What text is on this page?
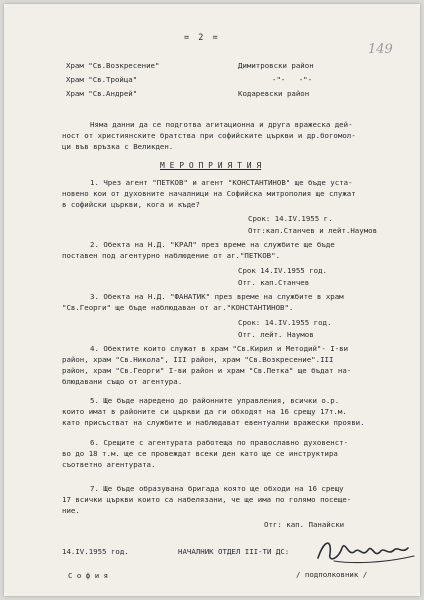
= 2 =
149
Храм "Св.Возкресение"	Димитровски район
Храм "Св.Тройца"	-"-   -"-
Храм "Св.Андрей"	Кодаревски район
Няма данни да се подготва агитационна и друга вражеска дей-
ност от християнските братства при софийските църкви и др.богомол-
ци във връзка с Великден.
М Е Р О П Р И Я Т И Я
1. Чрез агент "ПЕТКОВ" и агент "КОНСТАНТИНОВ" ще бъде уста-
новено кои от духовните началници на Софийска митрополия ще служат
в софийски църкви, кога и къде?
Срок: 14.IV.1955 г.
Отг:кап.Станчев и лейт.Наумов
2. Обекта на Н.Д. "КРАЛ" през време на службите ще бъде
поставен под агентурно наблюдение от аг."ПЕТКОВ".
Срок 14.IV.1955 год.
Отг. кап.Станчев
3. Обекта на Н.Д. "ФАНАТИК" през време на службите в храм
"Св.Георги" ще бъде наблюдаван от аг."КОНСТАНТИНОВ".
Срок: 14.IV.1955 год.
Отг. лейт. Наумов
4. Обектите които служат в храм "Св.Кирил и Методий"- I-ви
район, храм "Св.Никола", III район, храм "Св.Возкресение".III
район, храм "Св.Георги" I-ви район и храм "Св.Петка" ще бъдат на-
блюдавани също от агентура.
5. Ще бъде наредено до районните управления, всички о.р.
които имат в районите си църкви да ги обходят на 16 срещу 17т.м.
като присъстват на службите и наблюдават евентуални вражески прояви.
6. Срещите с агентурата работеща по православно духовенст-
во до 18 т.м. ще се провеждат всеки ден като ще се инструктира
съответно агентурата.
7. Ще бъде образувана бригада която ще обходи на 16 срещу
17 всички църкви които са набелязани, че ще има по голямо посеще-
ние.
Отг: кап. Панайски
14.IV.1955 год.	НАЧАЛНИК ОТДЕЛ III-ТИ ДС:
С о ф и я	/ подполковник /
